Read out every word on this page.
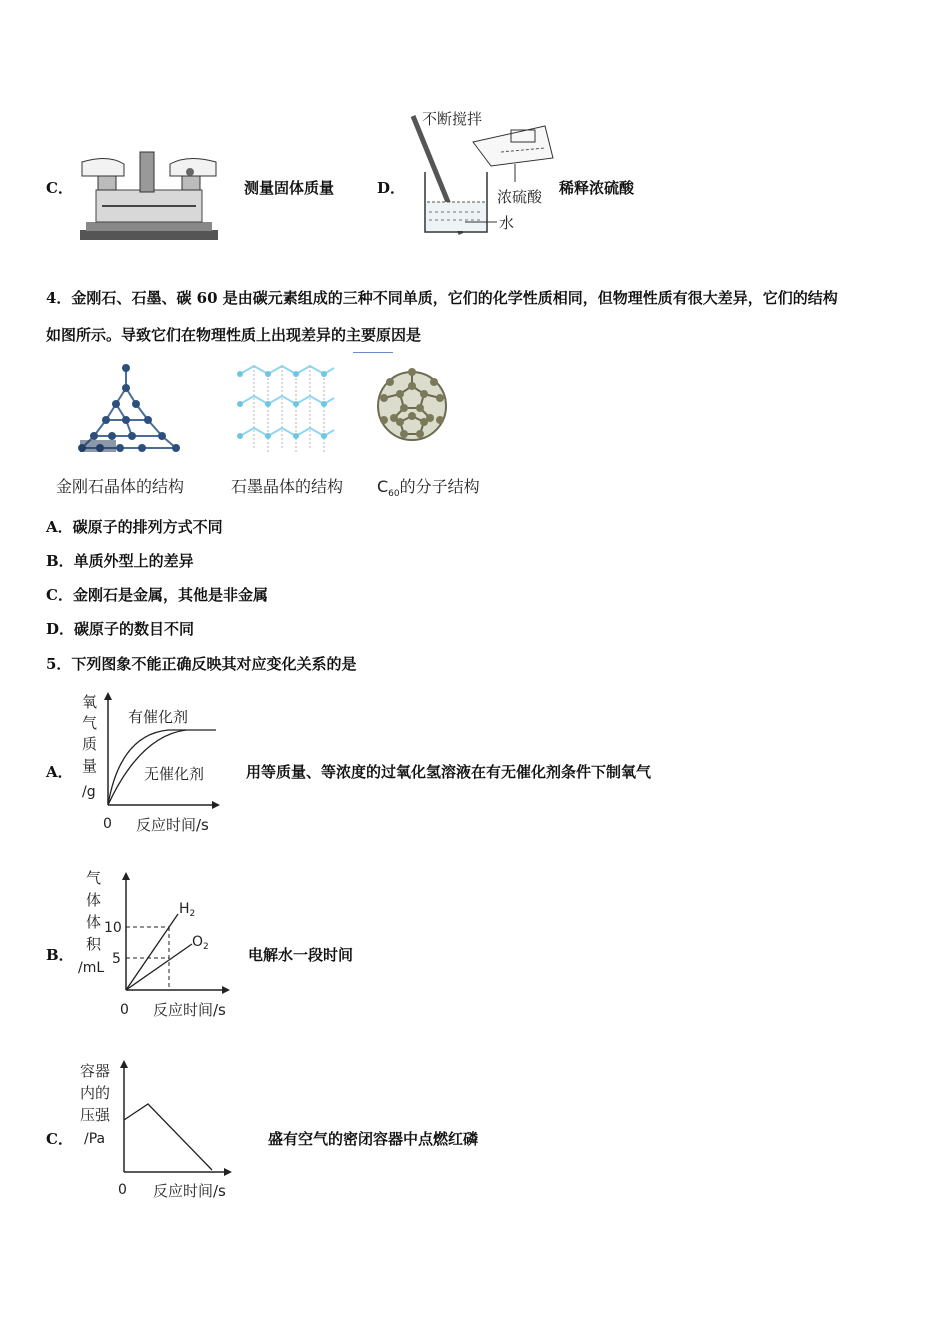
C．	测量固体质量	D．
不断搅拌
浓硫酸
水
稀释浓硫酸
4．金刚石、石墨、碳 60 是由碳元素组成的三种不同单质，它们的化学性质相同，但物理性质有很大差异，它们的结构
如图所示。导致它们在物理性质上出现差异的主要原因是
金刚石晶体的结构	石墨晶体的结构 $C_{60}$的分子结构
A．碳原子的排列方式不同
B．单质外型上的差异
C．金刚石是金属，其他是非金属
D．碳原子的数目不同
5．下列图象不能正确反映其对应变化关系的是
A．
氧
气
质
量
/g
有催化剂
无催化剂
0 反应时间/s
用等质量、等浓度的过氧化氢溶液在有无催化剂条件下制氧气
B．
气
体
体
积
/mL
10
5
$H_2$
$O_2$
0 反应时间/s
电解水一段时间
C．
容器
内的
压强
/Pa
0 反应时间/s
盛有空气的密闭容器中点燃红磷
